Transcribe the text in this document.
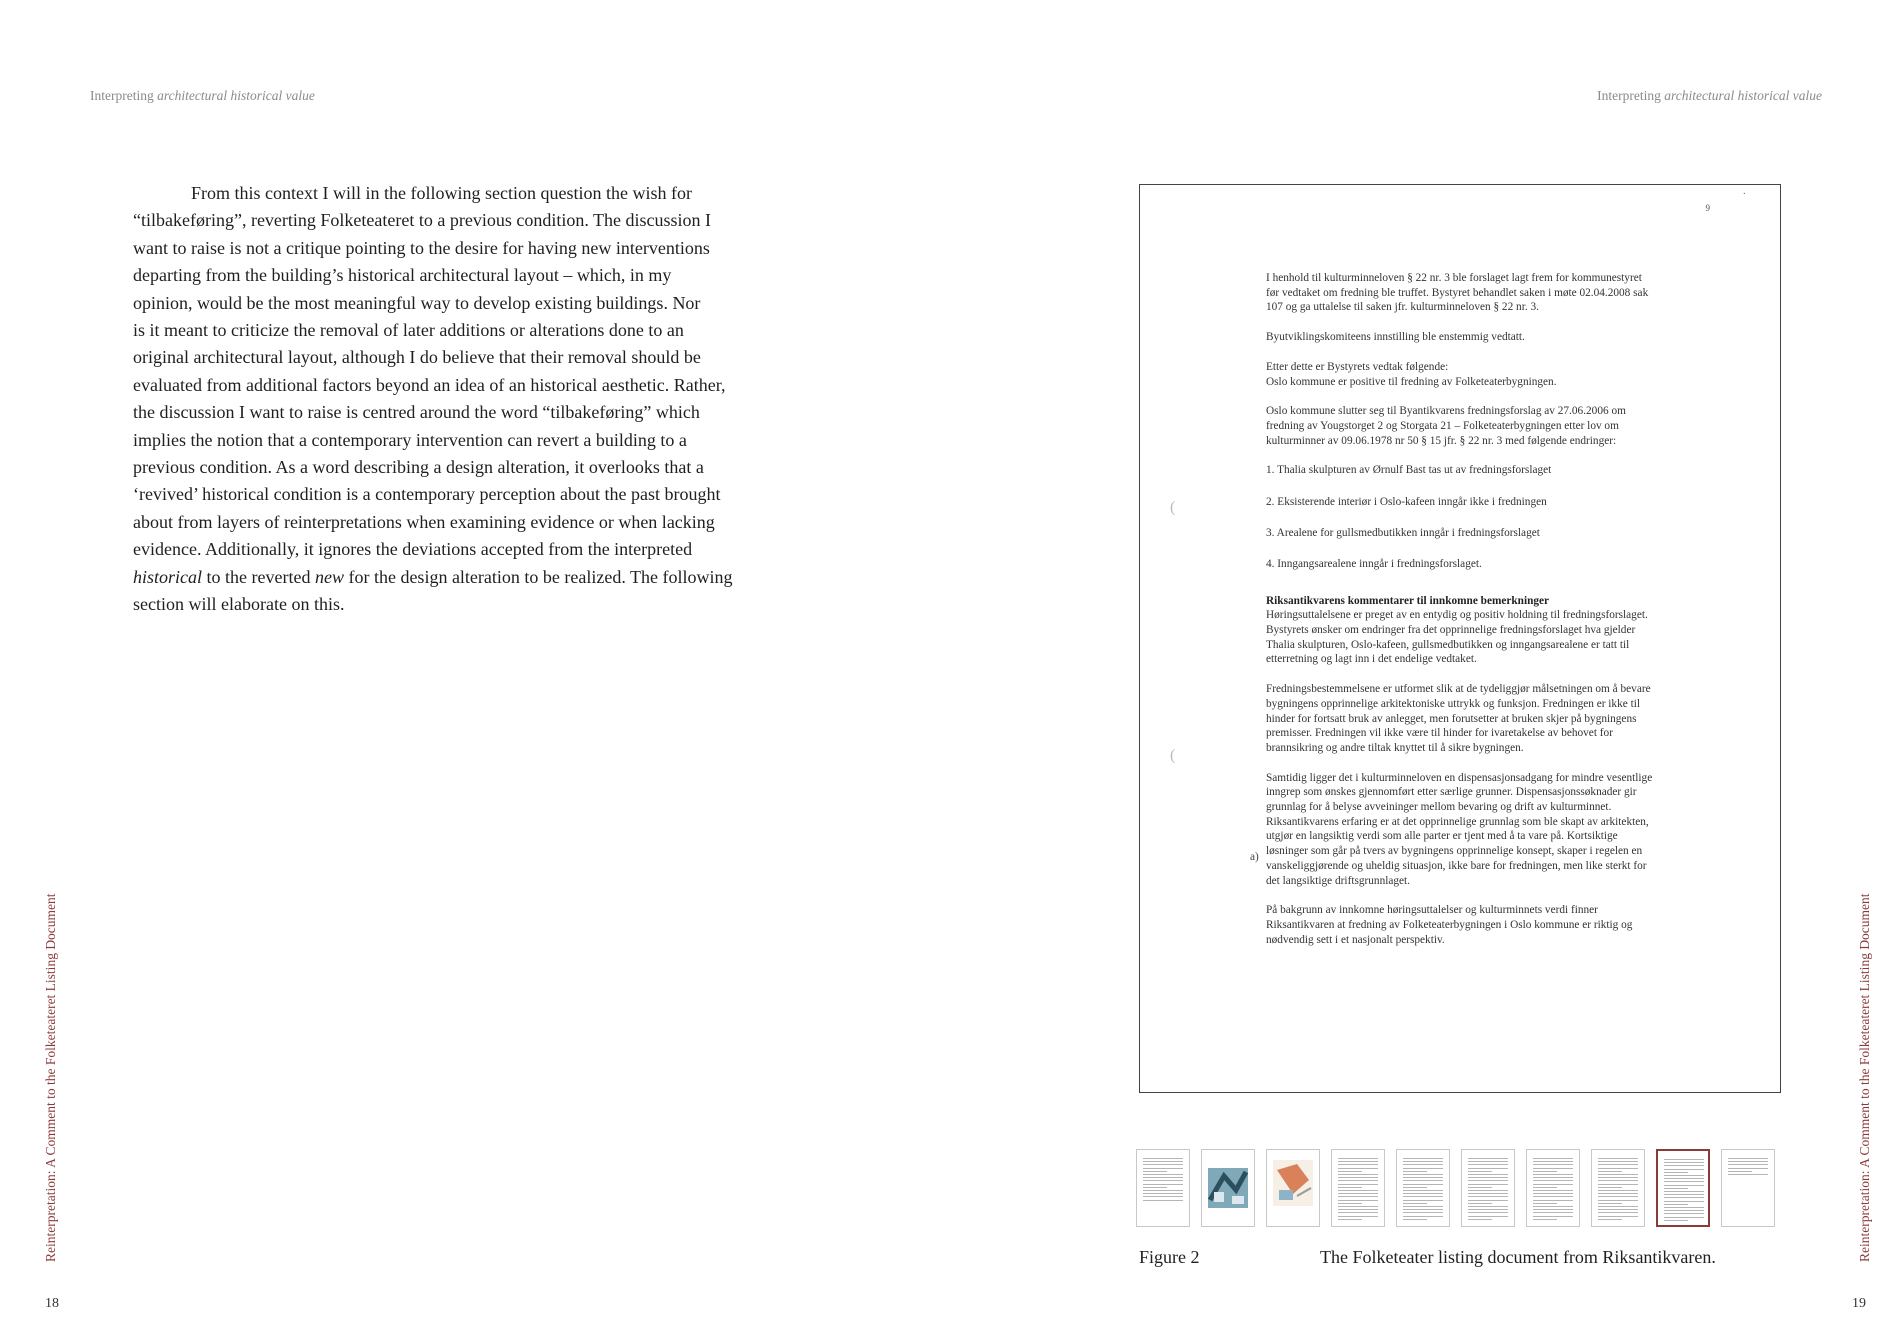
Interpreting architectural historical value	Interpreting architectural historical value
Reinterpretation: A Comment to the Folketeateret Listing Document	Reinterpretation: A Comment to the Folketeateret Listing Document
18	19
From this context I will in the following section question the wish for
“tilbakeføring”, reverting Folketeateret to a previous condition. The discussion I
want to raise is not a critique pointing to the desire for having new interventions
departing from the building’s historical architectural layout – which, in my
opinion, would be the most meaningful way to develop existing buildings. Nor
is it meant to criticize the removal of later additions or alterations done to an
original architectural layout, although I do believe that their removal should be
evaluated from additional factors beyond an idea of an historical aesthetic. Rather,
the discussion I want to raise is centred around the word “tilbakeføring” which
implies the notion that a contemporary intervention can revert a building to a
previous condition. As a word describing a design alteration, it overlooks that a
‘revived’ historical condition is a contemporary perception about the past brought
about from layers of reinterpretations when examining evidence or when lacking
evidence. Additionally, it ignores the deviations accepted from the interpreted
historical to the reverted new for the design alteration to be realized. The following
section will elaborate on this.
·
9
(
(
a)

I henhold til kulturminneloven § 22 nr. 3 ble forslaget lagt frem for kommunestyret
før vedtaket om fredning ble truffet. Bystyret behandlet saken i møte 02.04.2008 sak
107 og ga uttalelse til saken jfr. kulturminneloven § 22 nr. 3.

Byutviklingskomiteens innstilling ble enstemmig vedtatt.

Etter dette er Bystyrets vedtak følgende:
Oslo kommune er positive til fredning av Folketeaterbygningen.

Oslo kommune slutter seg til Byantikvarens fredningsforslag av 27.06.2006 om
fredning av Yougstorget 2 og Storgata 21 – Folketeaterbygningen etter lov om
kulturminner av 09.06.1978 nr 50 § 15 jfr. § 22 nr. 3 med følgende endringer:

1. Thalia skulpturen av Ørnulf Bast tas ut av fredningsforslaget

2. Eksisterende interiør i Oslo-kafeen inngår ikke i fredningen

3. Arealene for gullsmedbutikken inngår i fredningsforslaget

4. Inngangsarealene inngår i fredningsforslaget.

Riksantikvarens kommentarer til innkomne bemerkninger

Høringsuttalelsene er preget av en entydig og positiv holdning til fredningsforslaget.
Bystyrets ønsker om endringer fra det opprinnelige fredningsforslaget hva gjelder
Thalia skulpturen, Oslo-kafeen, gullsmedbutikken og inngangsarealene er tatt til
etterretning og lagt inn i det endelige vedtaket.

Fredningsbestemmelsene er utformet slik at de tydeliggjør målsetningen om å bevare
bygningens opprinnelige arkitektoniske uttrykk og funksjon. Fredningen er ikke til
hinder for fortsatt bruk av anlegget, men forutsetter at bruken skjer på bygningens
premisser. Fredningen vil ikke være til hinder for ivaretakelse av behovet for
brannsikring og andre tiltak knyttet til å sikre bygningen.

Samtidig ligger det i kulturminneloven en dispensasjonsadgang for mindre vesentlige
inngrep som ønskes gjennomført etter særlige grunner. Dispensasjonssøknader gir
grunnlag for å belyse avveininger mellom bevaring og drift av kulturminnet.
Riksantikvarens erfaring er at det opprinnelige grunnlag som ble skapt av arkitekten,
utgjør en langsiktig verdi som alle parter er tjent med å ta vare på. Kortsiktige
løsninger som går på tvers av bygningens opprinnelige konsept, skaper i regelen en
vanskeliggjørende og uheldig situasjon, ikke bare for fredningen, men like sterkt for
det langsiktige driftsgrunnlaget.

På bakgrunn av innkomne høringsuttalelser og kulturminnets verdi finner
Riksantikvaren at fredning av Folketeaterbygningen i Oslo kommune er riktig og
nødvendig sett i et nasjonalt perspektiv.

Figure 2	The Folketeater listing document from Riksantikvaren.
